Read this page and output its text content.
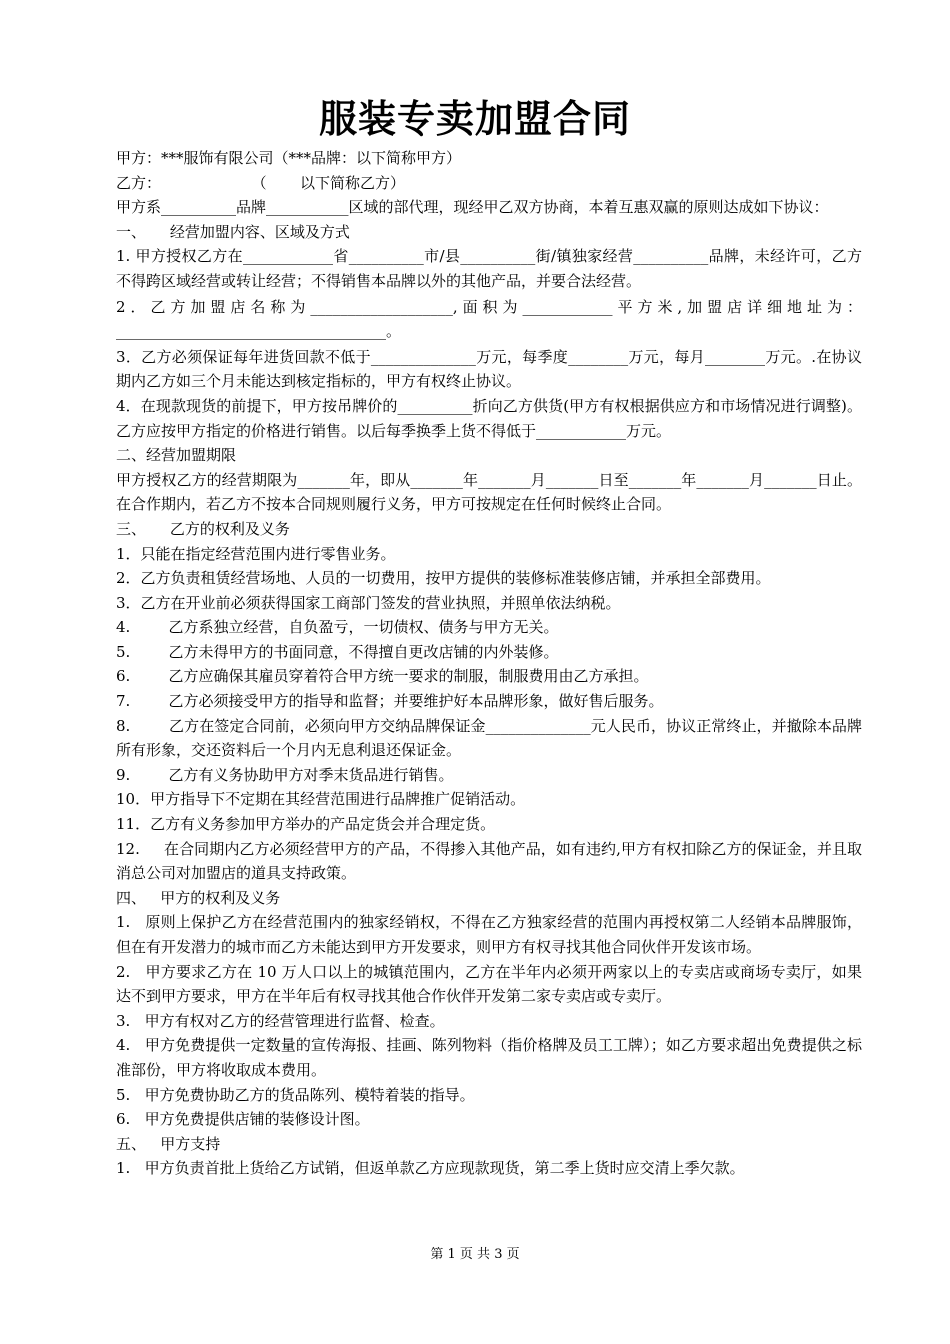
服装专卖加盟合同

甲方：***服饰有限公司（***品牌：以下简称甲方）

乙方：                   （       以下简称乙方）

甲方系__________品牌___________区域的部代理，现经甲乙双方协商，本着互惠双赢的原则达成如下协议：

一、     经营加盟内容、区域及方式

1. 甲方授权乙方在____________省__________市/县__________街/镇独家经营__________品牌，未经许可，乙方不得跨区域经营或转让经营；不得销售本品牌以外的其他产品，并要合法经营。

2．乙方加盟店名称为___________________,面积为____________平方米,加盟店详细地址为：____________________________________。

3．乙方必须保证每年进货回款不低于______________万元，每季度________万元，每月________万元。.在协议期内乙方如三个月未能达到核定指标的，甲方有权终止协议。

4．在现款现货的前提下，甲方按吊牌价的__________折向乙方供货(甲方有权根据供应方和市场情况进行调整)。乙方应按甲方指定的价格进行销售。以后每季换季上货不得低于____________万元。

二、经营加盟期限

甲方授权乙方的经营期限为_______年，即从_______年_______月_______日至_______年_______月_______日止。在合作期内，若乙方不按本合同规则履行义务，甲方可按规定在任何时候终止合同。

三、     乙方的权利及义务

1．只能在指定经营范围内进行零售业务。

2．乙方负责租赁经营场地、人员的一切费用，按甲方提供的装修标准装修店铺，并承担全部费用。

3．乙方在开业前必须获得国家工商部门签发的营业执照，并照单依法纳税。

4.        乙方系独立经营，自负盈亏，一切债权、债务与甲方无关。

5.        乙方未得甲方的书面同意，不得擅自更改店铺的内外装修。

6.        乙方应确保其雇员穿着符合甲方统一要求的制服，制服费用由乙方承担。

7.        乙方必须接受甲方的指导和监督；并要维护好本品牌形象，做好售后服务。

8.        乙方在签定合同前，必须向甲方交纳品牌保证金______________元人民币，协议正常终止，并撤除本品牌所有形象，交还资料后一个月内无息利退还保证金。

9.        乙方有义务协助甲方对季末货品进行销售。

10．甲方指导下不定期在其经营范围进行品牌推广促销活动。

11．乙方有义务参加甲方举办的产品定货会并合理定货。

12.     在合同期内乙方必须经营甲方的产品，不得掺入其他产品，如有违约,甲方有权扣除乙方的保证金，并且取消总公司对加盟店的道具支持政策。

四、   甲方的权利及义务

1.   原则上保护乙方在经营范围内的独家经销权，不得在乙方独家经营的范围内再授权第二人经销本品牌服饰，但在有开发潜力的城市而乙方未能达到甲方开发要求，则甲方有权寻找其他合同伙伴开发该市场。

2.   甲方要求乙方在 10 万人口以上的城镇范围内，乙方在半年内必须开两家以上的专卖店或商场专卖厅，如果达不到甲方要求，甲方在半年后有权寻找其他合作伙伴开发第二家专卖店或专卖厅。

3.   甲方有权对乙方的经营管理进行监督、检查。

4.   甲方免费提供一定数量的宣传海报、挂画、陈列物料（指价格牌及员工工牌）；如乙方要求超出免费提供之标准部份，甲方将收取成本费用。

5.   甲方免费协助乙方的货品陈列、模特着装的指导。

6.   甲方免费提供店铺的装修设计图。

五、   甲方支持

1.   甲方负责首批上货给乙方试销，但返单款乙方应现款现货，第二季上货时应交清上季欠款。

第 1 页 共 3 页
